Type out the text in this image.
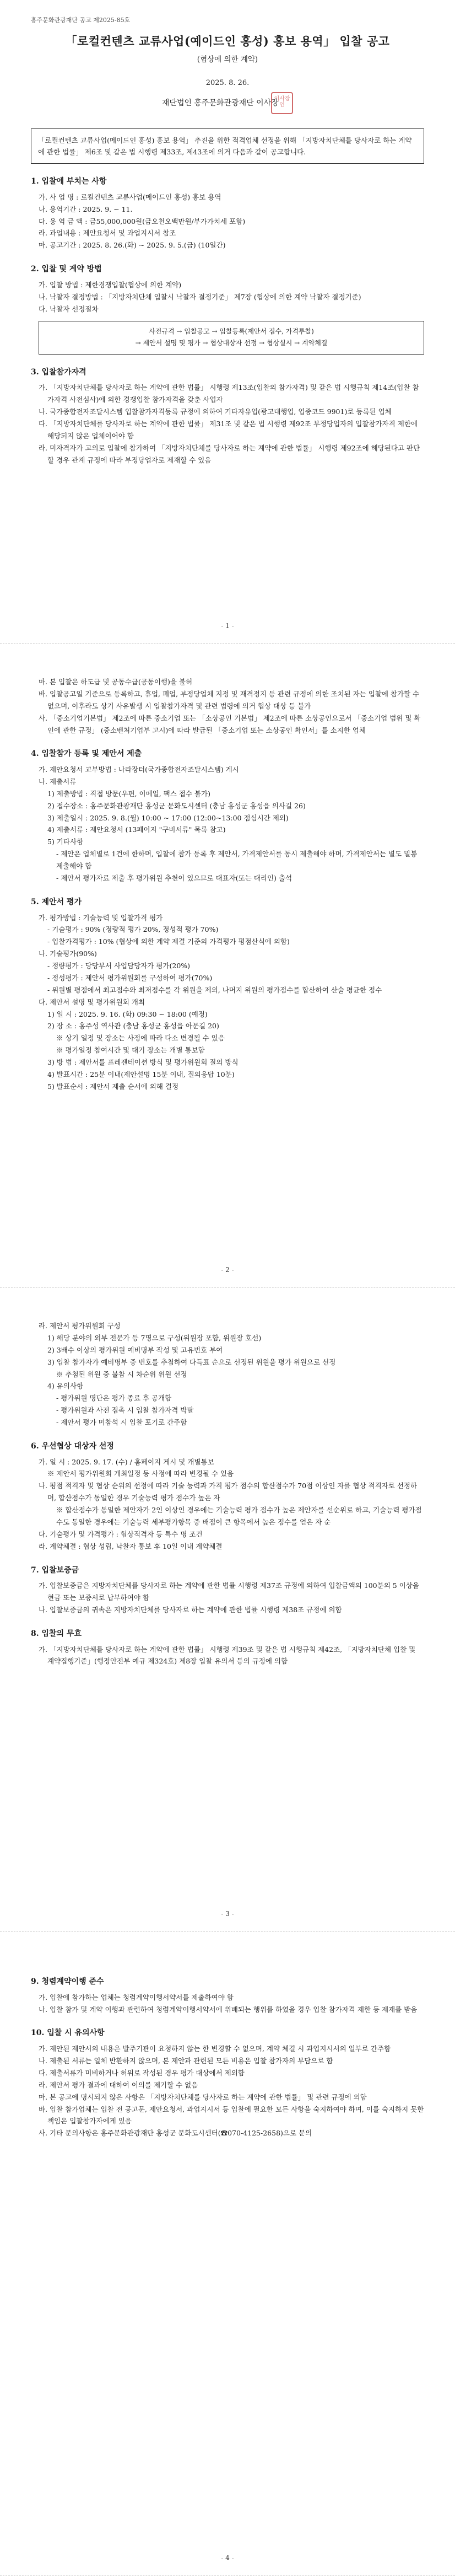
홍주문화관광재단 공고 제2025-85호
「로컬컨텐츠 교류사업(예이드인 홍성) 홍보 용역」 입찰 공고
(협상에 의한 계약)
2025. 8. 26.
재단법인 홍주문화관광재단 이사장 이사장인
「로컬컨텐츠 교류사업(메이드인 홍성) 홍보 용역」 추진을 위한 적격업체 선정을 위해 「지방자치단체를 당사자로 하는 계약에 관한 법률」 제6조 및 같은 법 시행령 제33조, 제43조에 의거 다음과 같이 공고합니다.
1. 입찰에 부치는 사항
가. 사 업 명 : 로컬컨텐츠 교류사업(메이드인 홍성) 홍보 용역
나. 용역기간 : 2025. 9. ~ 11.
다. 용 역 금 액 : 금55,000,000원(금오천오백만원/부가가치세 포함)
라. 과업내용 : 제안요청서 및 과업지시서 참조
마. 공고기간 : 2025. 8. 26.(화) ~ 2025. 9. 5.(금) (10일간)
2. 입찰 및 계약 방법
가. 입찰 방법 : 제한경쟁입찰(협상에 의한 계약)
나. 낙찰자 결정방법 : 「지방자치단체 입찰시 낙찰자 결정기준」 제7장 (협상에 의한 계약 낙찰자 결정기준)
다. 낙찰자 선정절차
사전규격 → 입찰공고 → 입찰등록(제안서 접수, 가격투찰)
→ 제안서 설명 및 평가 → 협상대상자 선정 → 협상실시 → 계약체결
3. 입찰참가자격
가. 「지방자치단체를 당사자로 하는 계약에 관한 법률」 시행령 제13조(입찰의 참가자격) 및 같은 법 시행규칙 제14조(입찰 참가자격 사전심사)에 의한 경쟁입찰 참가자격을 갖춘 사업자
나. 국가종합전자조달시스템 입찰참가자격등록 규정에 의하여 기타자유업(광고대행업, 업종코드 9901)로 등록된 업체
다. 「지방자치단체를 당사자로 하는 계약에 관한 법률」 제31조 및 같은 법 시행령 제92조 부정당업자의 입찰참가자격 제한에 해당되지 않은 업체이어야 함
라. 미자격자가 고의로 입찰에 참가하여 「지방자치단체를 당사자로 하는 계약에 관한 법률」 시행령 제92조에 해당된다고 판단할 경우 관계 규정에 따라 부정당업자로 제재할 수 있음
- 1 -
마. 본 입찰은 하도급 및 공동수급(공동이행)을 불허
바. 입찰공고일 기준으로 등록하고, 휴업, 폐업, 부정당업체 지정 및 재격정지 등 관련 규정에 의한 조치된 자는 입찰에 참가할 수 없으며, 이후라도 상기 사유발생 시 입찰참가자격 및 관련 법령에 의거 협상 대상 등 불가
사. 「중소기업기본법」 제2조에 따른 중소기업 또는 「소상공인 기본법」 제2조에 따른 소상공인으로서 「중소기업 범위 및 확인에 관한 규정」 (중소벤처기업부 고시)에 따라 발급된 「중소기업 또는 소상공인 확인서」를 소지한 업체
4. 입찰참가 등록 및 제안서 제출
가. 제안요청서 교부방법 : 나라장터(국가종합전자조달시스템) 게시
나. 제출서류
1) 제출방법 : 직접 방문(우편, 이메일, 팩스 접수 불가)
2) 접수장소 : 홍주문화관광재단 홍성군 문화도시센터 (충남 홍성군 홍성읍 의사길 26)
3) 제출일시 : 2025. 9. 8.(월) 10:00 ~ 17:00 (12:00~13:00 점심시간 제외)
4) 제출서류 : 제안요청서 (13페이지 "구비서류" 목록 참고)
5) 기타사항
- 제안은 업체별로 1건에 한하며, 입찰에 참가 등록 후 제안서, 가격제안서를 동시 제출해야 하며, 가격제안서는 별도 밀봉 제출해야 함
- 제안서 평가자료 제출 후 평가위원 추천이 있으므로 대표자(또는 대리인) 출석
5. 제안서 평가
가. 평가방법 : 기술능력 및 입찰가격 평가
- 기술평가 : 90% (정량적 평가 20%, 정성적 평가 70%)
- 입찰가격평가 : 10% (협상에 의한 계약 제결 기준의 가격평가 평점산식에 의함)
나. 기술평가(90%)
- 정량평가 : 당당부서 사업담당자가 평가(20%)
- 정성평가 : 제안서 평가위원회를 구성하여 평가(70%)
- 위원별 평점에서 최고점수와 최저점수를 각 위원을 제외, 나머지 위원의 평가점수를 합산하여 산술 평균한 점수
다. 제안서 설명 및 평가위원회 개최
1) 일 시 : 2025. 9. 16. (화) 09:30 ~ 18:00 (예정)
2) 장 소 : 홍주성 역사관 (충남 홍성군 홍성읍 아문길 20)
※ 상기 일정 및 장소는 사정에 따라 다소 변경될 수 있음
※ 평가일정 참여시간 및 대기 장소는 개별 통보함
3) 방 법 : 제안서를 프레젠테이션 방식 및 평가위원회 질의 방식
4) 발표시간 : 25분 이내(제안설명 15분 이내, 질의응답 10분)
5) 발표순서 : 제안서 제출 순서에 의해 결정
- 2 -
라. 제안서 평가위원회 구성
1) 해당 분야의 외부 전문가 등 7명으로 구성(위원장 포함, 위원장 호선)
2) 3배수 이상의 평가위원 예비명부 작성 및 고유번호 부여
3) 입찰 참가자가 예비명부 중 번호를 추첨하여 다득표 순으로 선정된 위원을 평가 위원으로 선정
※ 추첨된 위원 중 불참 시 차순위 위원 선정
4) 유의사항
- 평가위원 명단은 평가 종료 후 공개함
- 평가위원과 사전 접촉 시 입찰 참가자격 박탈
- 제안서 평가 미참석 시 입찰 포기로 간주함
6. 우선협상 대상자 선정
가. 일 시 : 2025. 9. 17. (수) / 홈페이지 게시 및 개별통보
※ 제안서 평가위원회 개최일정 등 사정에 따라 변경될 수 있음
나. 평점 적격자 및 협상 순위의 선정에 따라 기술 능력과 가격 평가 점수의 합산점수가 70점 이상인 자를 협상 적격자로 선정하며, 합산점수가 동일한 경우 기술능력 평가 점수가 높은 자
※ 합산점수가 동일한 제안자가 2인 이상인 경우에는 기술능력 평가 점수가 높은 제안자를 선순위로 하고, 기술능력 평가점수도 동일한 경우에는 기술능력 세부평가항목 중 배점이 큰 항목에서 높은 점수를 얻은 자 순
다. 기술평가 및 가격평가 : 협상적격자 등 특수 명 조건
라. 계약체결 : 협상 성립, 낙찰자 통보 후 10일 이내 계약체결
7. 입찰보증금
가. 입찰보증금은 지방자치단체를 당사자로 하는 계약에 관한 법률 시행령 제37조 규정에 의하여 입찰금액의 100분의 5 이상을 현금 또는 보증서로 납부하여야 함
나. 입찰보증금의 귀속은 지방자치단체를 당사자로 하는 계약에 관한 법률 시행령 제38조 규정에 의함
8. 입찰의 무효
가. 「지방자치단체를 당사자로 하는 계약에 관한 법률」 시행령 제39조 및 같은 법 시행규칙 제42조, 「지방자치단체 입찰 및 계약집행기준」(행정안전부 예규 제324호) 제8장 입찰 유의서 등의 규정에 의함
- 3 -
9. 청렴계약이행 준수
가. 입찰에 참가하는 업체는 청렴계약이행서약서를 제출하여야 함
나. 입찰 참가 및 계약 이행과 관련하여 청렴계약이행서약서에 위배되는 행위를 하였을 경우 입찰 참가자격 제한 등 제재를 받음
10. 입찰 시 유의사항
가. 제안된 제안서의 내용은 발주기관이 요청하지 않는 한 변경할 수 없으며, 계약 체결 시 과업지시서의 일부로 간주함
나. 제출된 서류는 일체 반환하지 않으며, 본 제안과 관련된 모든 비용은 입찰 참가자의 부담으로 함
다. 제출서류가 미비하거나 허위로 작성된 경우 평가 대상에서 제외함
라. 제안서 평가 결과에 대하여 이의를 제기할 수 없음
마. 본 공고에 명시되지 않은 사항은 「지방자치단체를 당사자로 하는 계약에 관한 법률」 및 관련 규정에 의함
바. 입찰 참가업체는 입찰 전 공고문, 제안요청서, 과업지시서 등 입찰에 필요한 모든 사항을 숙지하여야 하며, 이를 숙지하지 못한 책임은 입찰참가자에게 있음
사. 기타 문의사항은 홍주문화관광재단 홍성군 문화도시센터(☎070-4125-2658)으로 문의
- 4 -
